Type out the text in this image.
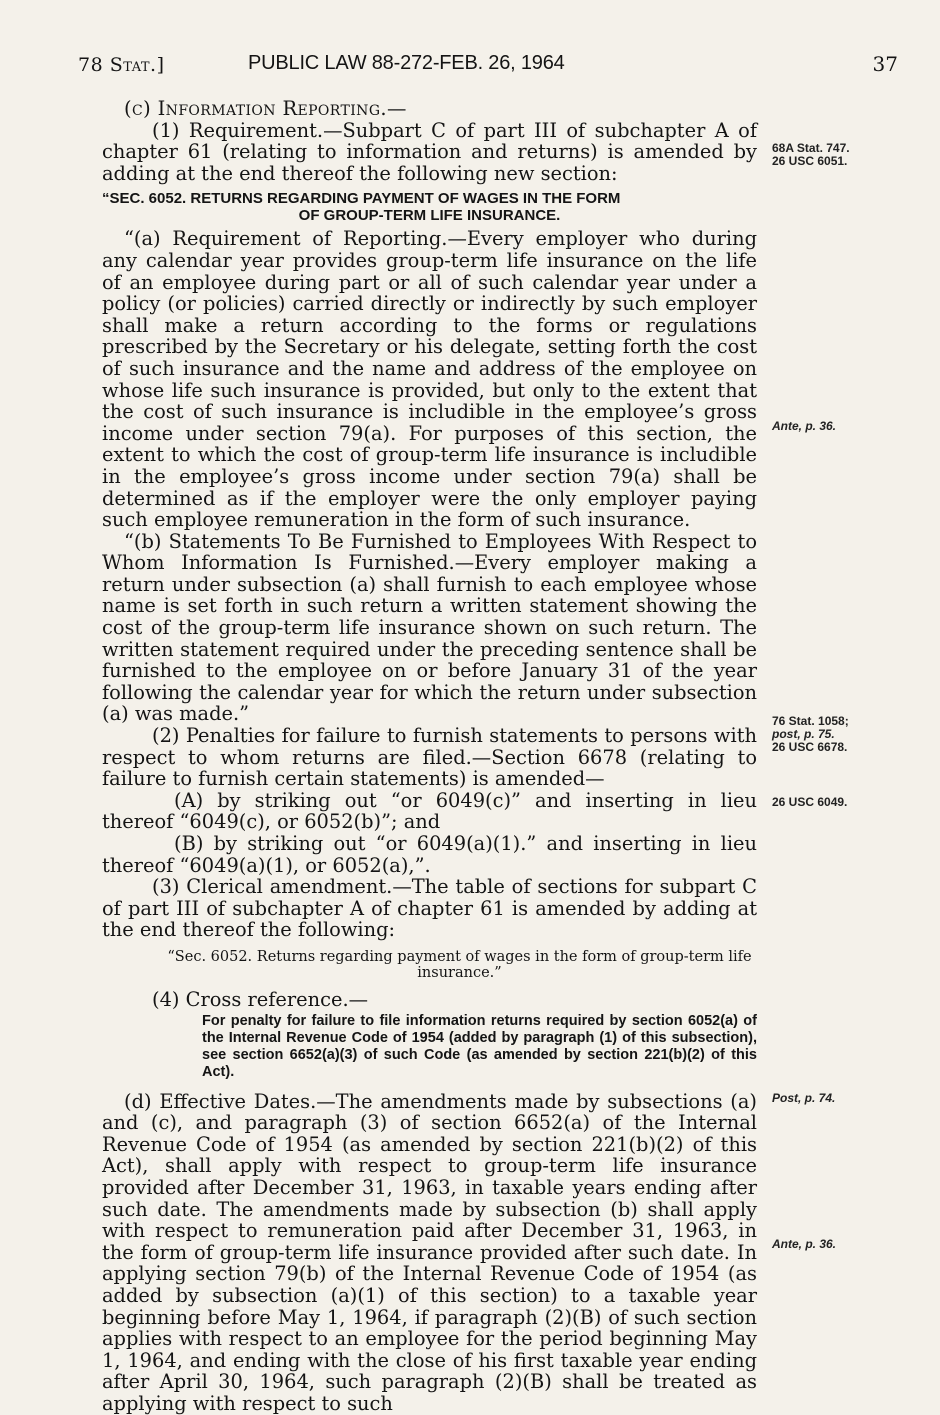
78 Stat.]	PUBLIC LAW 88-272-FEB. 26, 1964	37

(c) Information Reporting.—

(1) Requirement.—Subpart C of part III of subchapter A of chapter 61 (relating to information and returns) is amended by adding at the end thereof the following new section:

“SEC. 6052. RETURNS REGARDING PAYMENT OF WAGES IN THE FORM
OF GROUP-TERM LIFE INSURANCE.

“(a) Requirement of Reporting.—Every employer who during any calendar year provides group-term life insurance on the life of an employee during part or all of such calendar year under a policy (or policies) carried directly or indirectly by such employer shall make a return according to the forms or regulations prescribed by the Secretary or his delegate, setting forth the cost of such insurance and the name and address of the employee on whose life such insurance is provided, but only to the extent that the cost of such insurance is includible in the employee’s gross income under section 79(a). For purposes of this section, the extent to which the cost of group-term life insurance is includible in the employee’s gross income under section 79(a) shall be determined as if the employer were the only employer paying such employee remuneration in the form of such insurance.

“(b) Statements To Be Furnished to Employees With Respect to Whom Information Is Furnished.—Every employer making a return under subsection (a) shall furnish to each employee whose name is set forth in such return a written statement showing the cost of the group-term life insurance shown on such return. The written statement required under the preceding sentence shall be furnished to the employee on or before January 31 of the year following the calendar year for which the return under subsection (a) was made.”

(2) Penalties for failure to furnish statements to persons with respect to whom returns are filed.—Section 6678 (relating to failure to furnish certain statements) is amended—

(A) by striking out “or 6049(c)” and inserting in lieu thereof “6049(c), or 6052(b)”; and

(B) by striking out “or 6049(a)(1).” and inserting in lieu thereof “6049(a)(1), or 6052(a),”.

(3) Clerical amendment.—The table of sections for subpart C of part III of subchapter A of chapter 61 is amended by adding at the end thereof the following:

“Sec. 6052. Returns regarding payment of wages in the form of group-term life insurance.”

(4) Cross reference.—

For penalty for failure to file information returns required by section 6052(a) of the Internal Revenue Code of 1954 (added by paragraph (1) of this subsection), see section 6652(a)(3) of such Code (as amended by section 221(b)(2) of this Act).

(d) Effective Dates.—The amendments made by subsections (a) and (c), and paragraph (3) of section 6652(a) of the Internal Revenue Code of 1954 (as amended by section 221(b)(2) of this Act), shall apply with respect to group-term life insurance provided after December 31, 1963, in taxable years ending after such date. The amendments made by subsection (b) shall apply with respect to remuneration paid after December 31, 1963, in the form of group-term life insurance provided after such date. In applying section 79(b) of the Internal Revenue Code of 1954 (as added by subsection (a)(1) of this section) to a taxable year beginning before May 1, 1964, if paragraph (2)(B) of such section applies with respect to an employee for the period beginning May 1, 1964, and ending with the close of his first taxable year ending after April 30, 1964, such paragraph (2)(B) shall be treated as applying with respect to such

68A Stat. 747.
26 USC 6051.
Ante, p. 36.
76 Stat. 1058;
post, p. 75.
26 USC 6678.
26 USC 6049.
Post, p. 74.
Ante, p. 36.
